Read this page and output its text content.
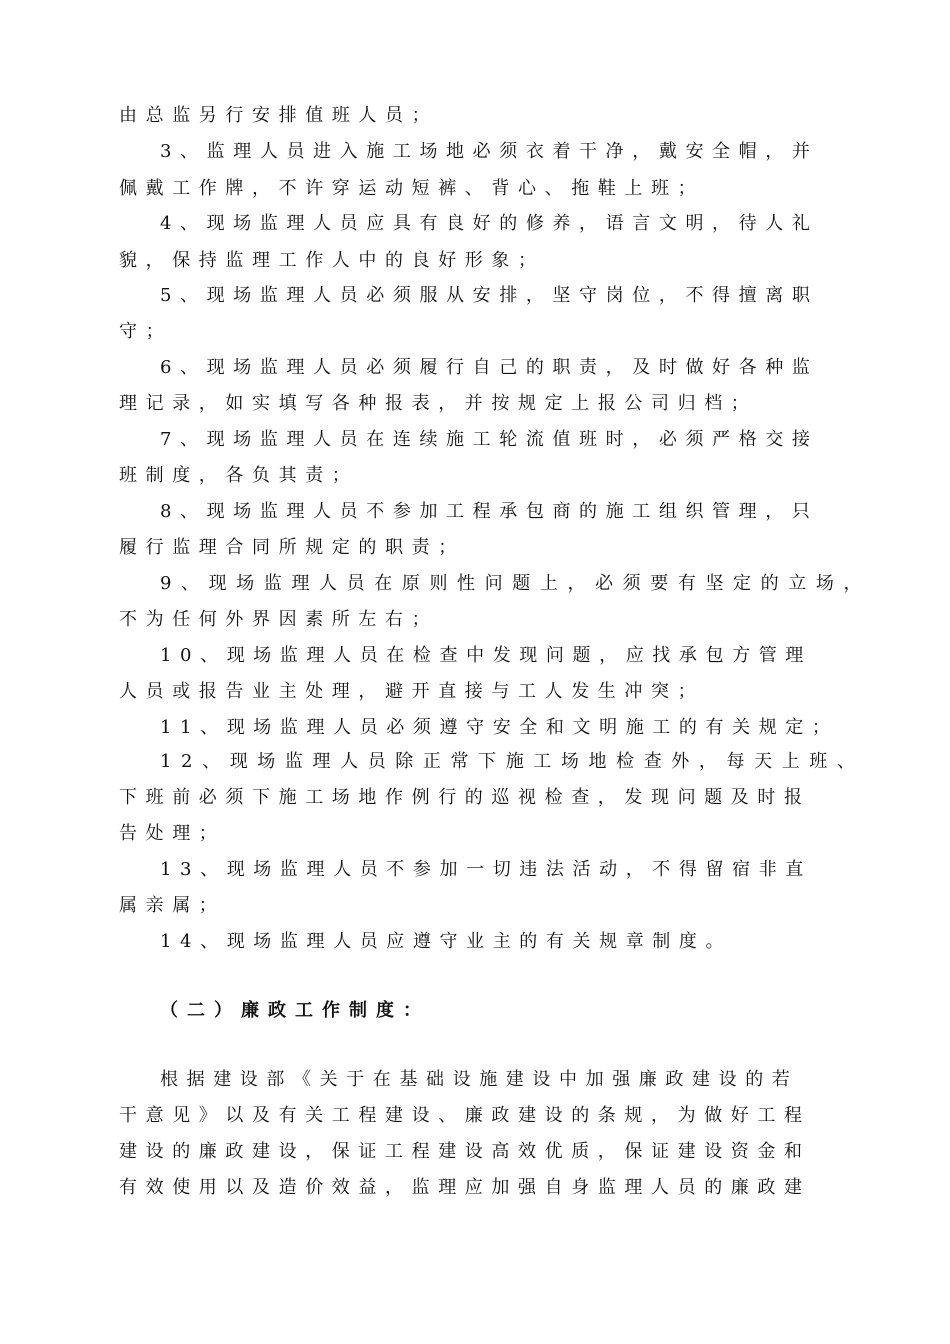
由总监另行安排值班人员；
3、监理人员进入施工场地必须衣着干净，戴安全帽，并
佩戴工作牌，不许穿运动短裤、背心、拖鞋上班；
4、现场监理人员应具有良好的修养，语言文明，待人礼
貌，保持监理工作人中的良好形象；
5、现场监理人员必须服从安排，坚守岗位，不得擅离职
守；
6、现场监理人员必须履行自己的职责，及时做好各种监
理记录，如实填写各种报表，并按规定上报公司归档；
7、现场监理人员在连续施工轮流值班时，必须严格交接
班制度，各负其责；
8、现场监理人员不参加工程承包商的施工组织管理，只
履行监理合同所规定的职责；
9、现场监理人员在原则性问题上，必须要有坚定的立场，
不为任何外界因素所左右；
10、现场监理人员在检查中发现问题，应找承包方管理
人员或报告业主处理，避开直接与工人发生冲突；
11、现场监理人员必须遵守安全和文明施工的有关规定；
12、现场监理人员除正常下施工场地检查外，每天上班、
下班前必须下施工场地作例行的巡视检查，发现问题及时报
告处理；
13、现场监理人员不参加一切违法活动，不得留宿非直
属亲属；
14、现场监理人员应遵守业主的有关规章制度。
（二）廉政工作制度：
根据建设部《关于在基础设施建设中加强廉政建设的若
干意见》以及有关工程建设、廉政建设的条规，为做好工程
建设的廉政建设，保证工程建设高效优质，保证建设资金和
有效使用以及造价效益，监理应加强自身监理人员的廉政建
